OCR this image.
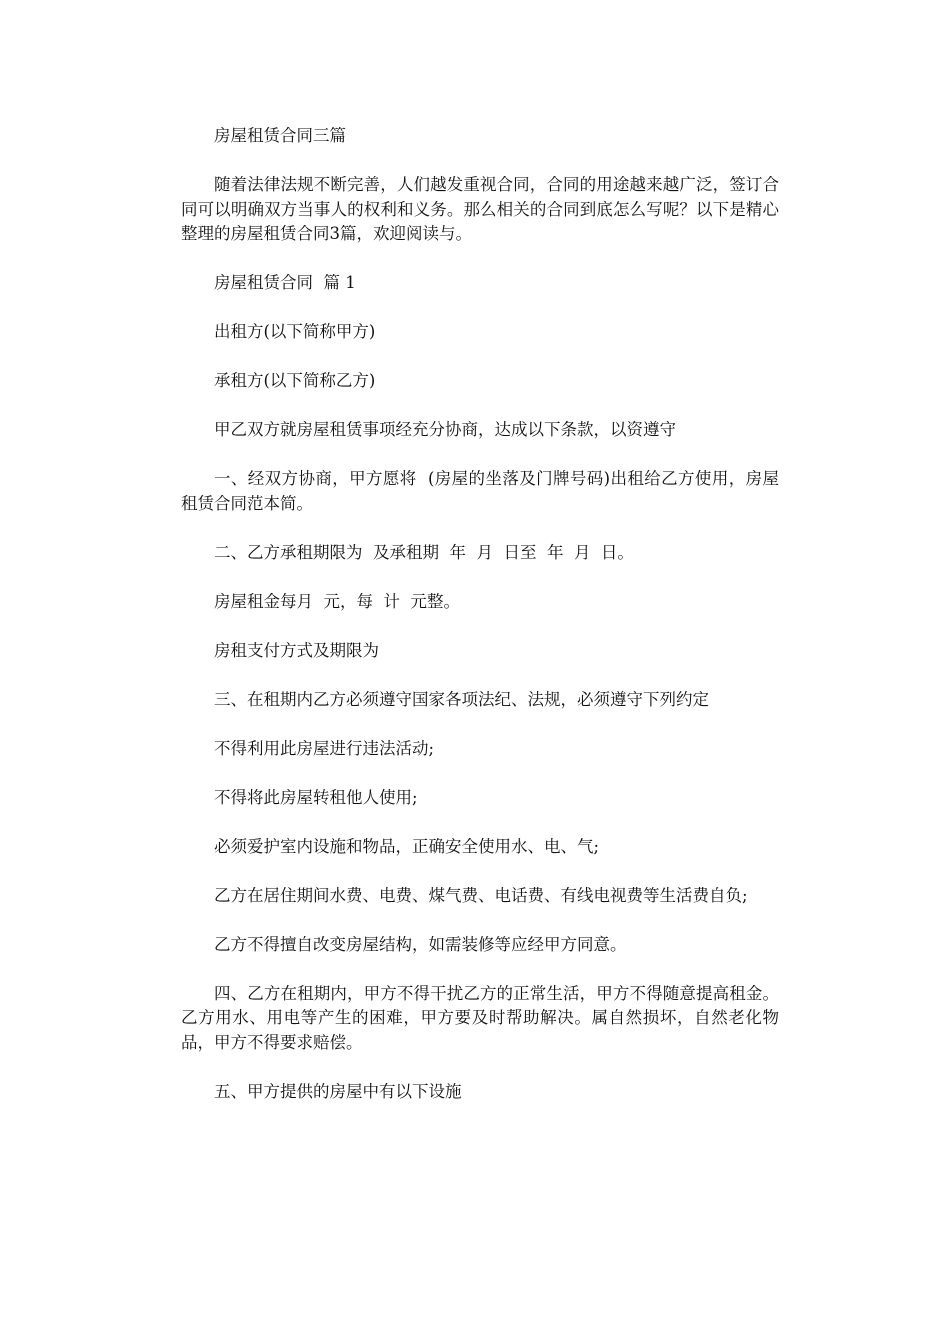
房屋租赁合同三篇

随着法律法规不断完善，人们越发重视合同，合同的用途越来越广泛，签订合同可以明确双方当事人的权利和义务。那么相关的合同到底怎么写呢？以下是精心整理的房屋租赁合同3篇，欢迎阅读与。

房屋租赁合同  篇 1

出租方(以下简称甲方)

承租方(以下简称乙方)

甲乙双方就房屋租赁事项经充分协商，达成以下条款，以资遵守

一、经双方协商，甲方愿将  (房屋的坐落及门牌号码)出租给乙方使用，房屋租赁合同范本简。

二、乙方承租期限为  及承租期  年  月  日至  年  月  日。

房屋租金每月  元，每  计  元整。

房租支付方式及期限为

三、在租期内乙方必须遵守国家各项法纪、法规，必须遵守下列约定

不得利用此房屋进行违法活动;

不得将此房屋转租他人使用;

必须爱护室内设施和物品，正确安全使用水、电、气;

乙方在居住期间水费、电费、煤气费、电话费、有线电视费等生活费自负;

乙方不得擅自改变房屋结构，如需装修等应经甲方同意。

四、乙方在租期内，甲方不得干扰乙方的正常生活，甲方不得随意提高租金。乙方用水、用电等产生的困难，甲方要及时帮助解决。属自然损坏，自然老化物品，甲方不得要求赔偿。

五、甲方提供的房屋中有以下设施
